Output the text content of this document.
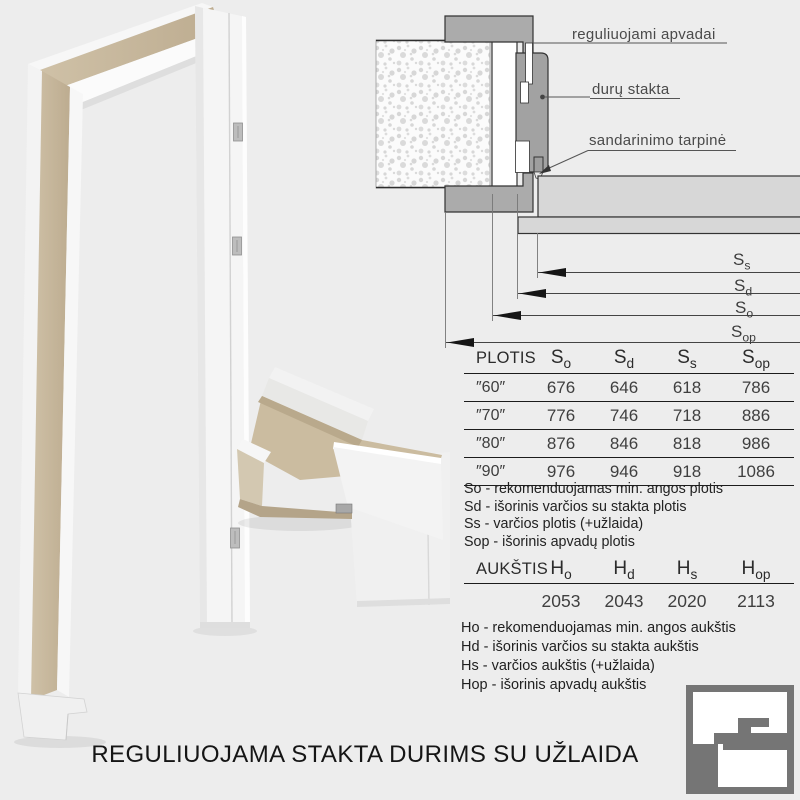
reguliuojami apvadai
durų stakta
sandarinimo tarpinė
$S_s$
$S_d$
$S_o$
$S_{op}$
PLOTIS $S_o$	$S_d$	$S_s$	$S_{op}$
″60″	676	646	618	786
″70″	776	746	718	886
″80″	876	846	818	986
″90″	976	946	918	1086
So - rekomenduojamas min. angos plotis
Sd - išorinis varčios su stakta plotis
Ss - varčios plotis (+užlaida)
Sop - išorinis apvadų plotis
AUKŠTIS $H_o$	$H_d$	$H_s$	$H_{op}$
2053	2043	2020	2113
Ho - rekomenduojamas min. angos aukštis
Hd - išorinis varčios su stakta aukštis
Hs - varčios aukštis (+užlaida)
Hop - išorinis apvadų aukštis
REGULIUOJAMA STAKTA DURIMS SU UŽLAIDA
